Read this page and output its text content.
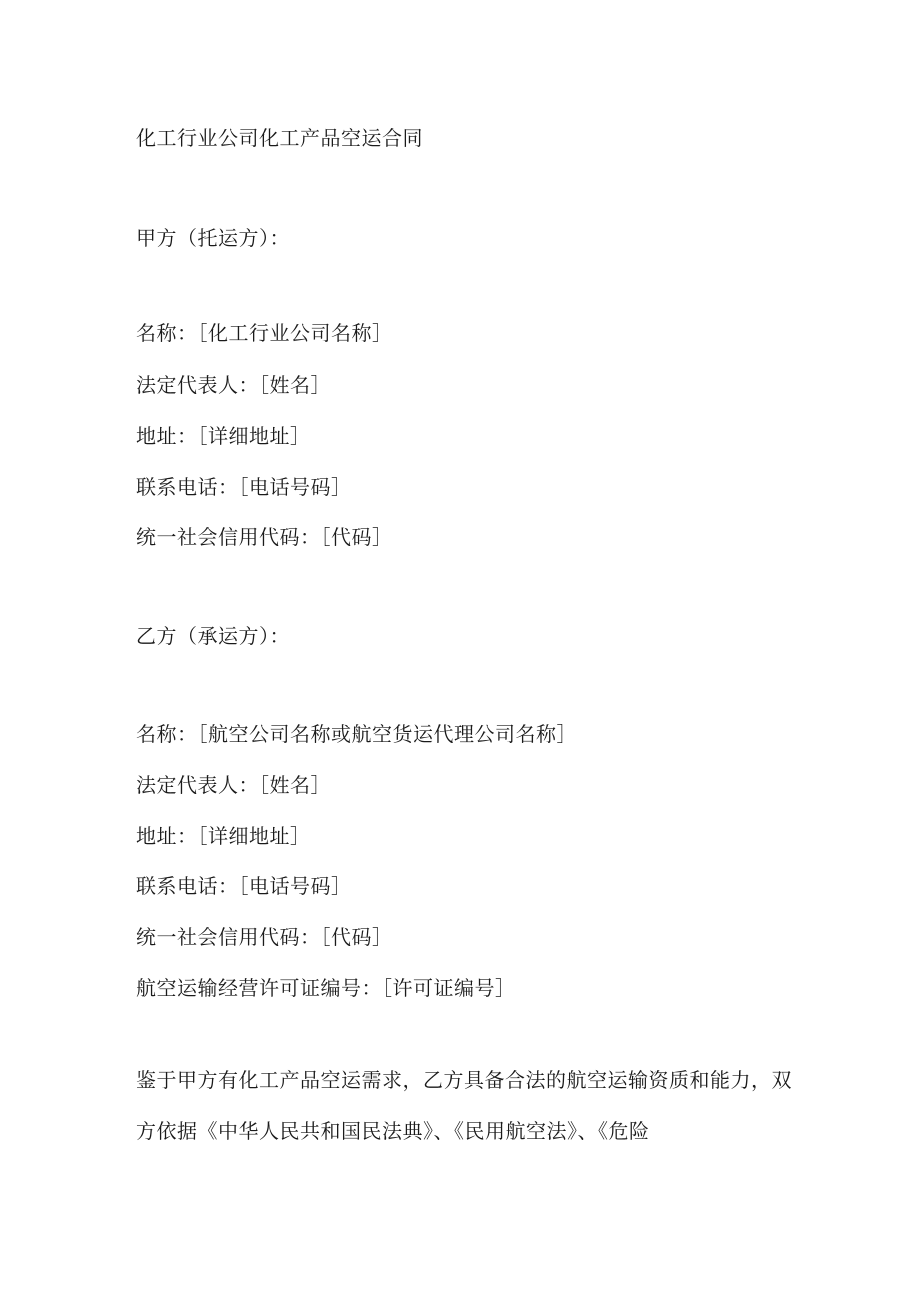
化工行业公司化工产品空运合同
甲方（托运方）：
名称：［化工行业公司名称］
法定代表人：［姓名］
地址：［详细地址］
联系电话：［电话号码］
统一社会信用代码：［代码］
乙方（承运方）：
名称：［航空公司名称或航空货运代理公司名称］
法定代表人：［姓名］
地址：［详细地址］
联系电话：［电话号码］
统一社会信用代码：［代码］
航空运输经营许可证编号：［许可证编号］
鉴于甲方有化工产品空运需求，乙方具备合法的航空运输资质和能力，双
方依据《中华人民共和国民法典》、《民用航空法》、《危险
